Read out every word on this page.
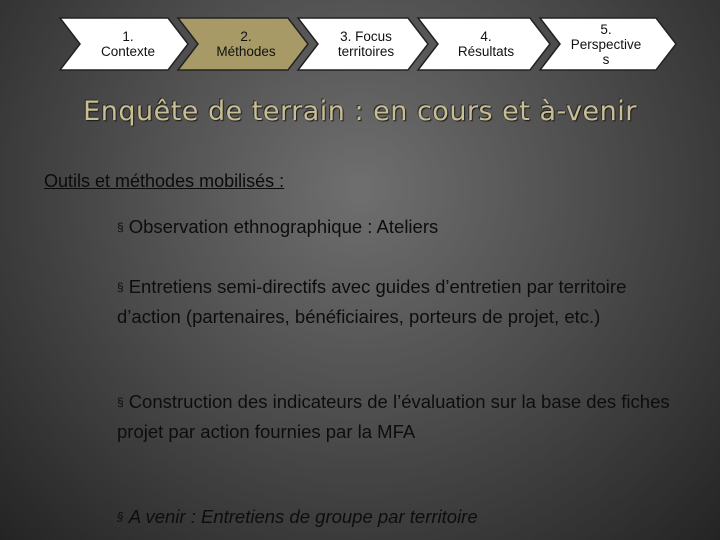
1.
Contexte
2.
Méthodes
3. Focus
territoires
4.
Résultats
5.
Perspective
s
Enquête de terrain : en cours et à-venir
Outils et méthodes mobilisés :
§ Observation ethnographique : Ateliers
§ Entretiens semi-directifs avec guides d’entretien par territoire d’action (partenaires, bénéficiaires, porteurs de projet, etc.)
§ Construction des indicateurs de l’évaluation sur la base des fiches projet par action fournies par la MFA
§ A venir : Entretiens de groupe par territoire
